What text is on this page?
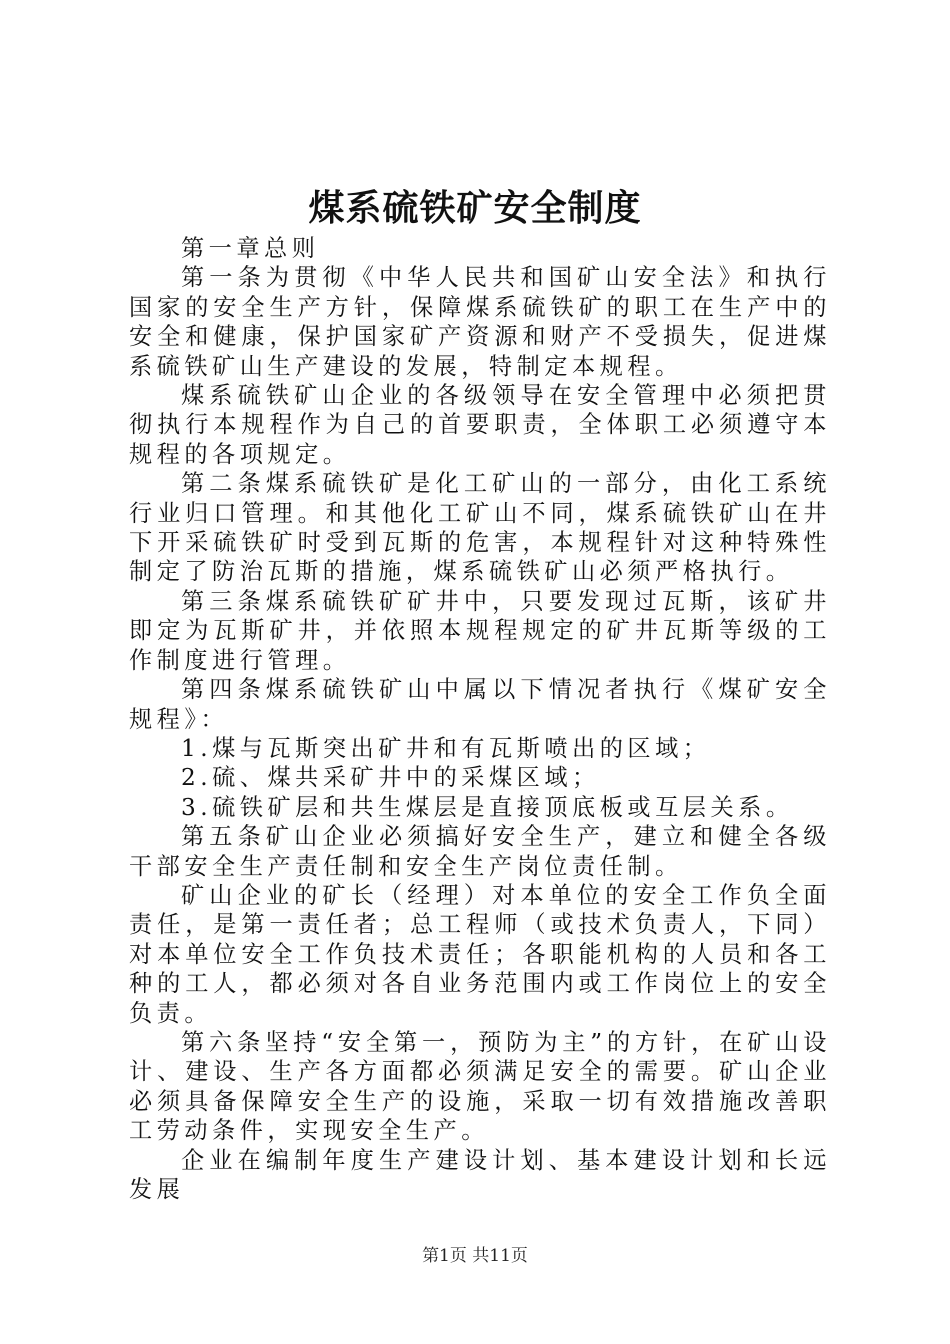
煤系硫铁矿安全制度

第一章总则

第一条为贯彻《中华人民共和国矿山安全法》和执行国家的安全生产方针，保障煤系硫铁矿的职工在生产中的安全和健康，保护国家矿产资源和财产不受损失，促进煤系硫铁矿山生产建设的发展，特制定本规程。

煤系硫铁矿山企业的各级领导在安全管理中必须把贯彻执行本规程作为自己的首要职责，全体职工必须遵守本规程的各项规定。

第二条煤系硫铁矿是化工矿山的一部分，由化工系统行业归口管理。和其他化工矿山不同，煤系硫铁矿山在井下开采硫铁矿时受到瓦斯的危害，本规程针对这种特殊性制定了防治瓦斯的措施，煤系硫铁矿山必须严格执行。

第三条煤系硫铁矿矿井中，只要发现过瓦斯，该矿井即定为瓦斯矿井，并依照本规程规定的矿井瓦斯等级的工作制度进行管理。

第四条煤系硫铁矿山中属以下情况者执行《煤矿安全规程》：

1.煤与瓦斯突出矿井和有瓦斯喷出的区域；

2.硫、煤共采矿井中的采煤区域；

3.硫铁矿层和共生煤层是直接顶底板或互层关系。

第五条矿山企业必须搞好安全生产，建立和健全各级干部安全生产责任制和安全生产岗位责任制。

矿山企业的矿长（经理）对本单位的安全工作负全面责任，是第一责任者；总工程师（或技术负责人，下同）对本单位安全工作负技术责任；各职能机构的人员和各工种的工人，都必须对各自业务范围内或工作岗位上的安全负责。

第六条坚持“安全第一，预防为主”的方针，在矿山设计、建设、生产各方面都必须满足安全的需要。矿山企业必须具备保障安全生产的设施，采取一切有效措施改善职工劳动条件，实现安全生产。

企业在编制年度生产建设计划、基本建设计划和长远发展

第1页 共11页
